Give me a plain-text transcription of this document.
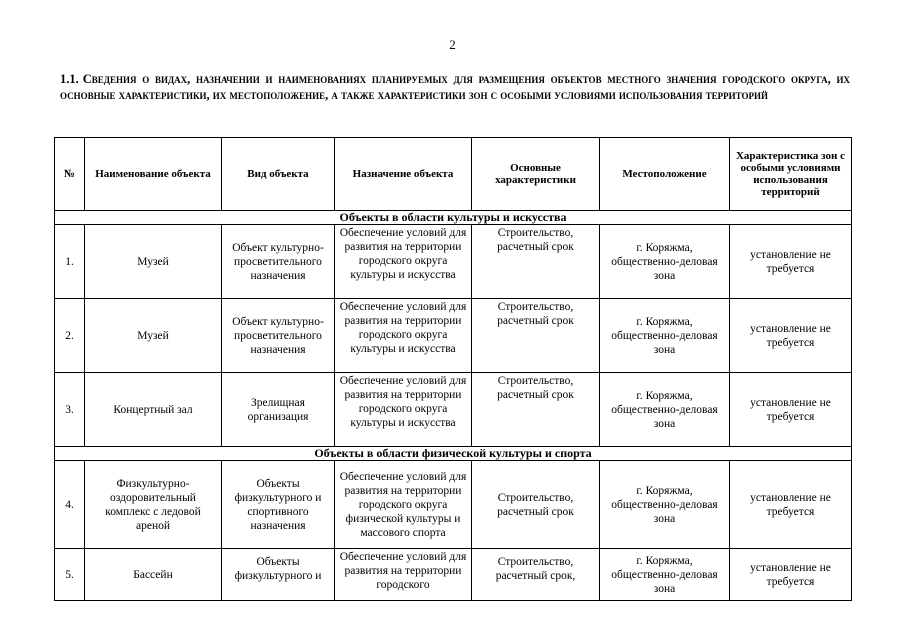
2
1.1. Сведения о видах, назначении и наименованиях планируемых для размещения объектов местного значения городского округа, их основные характеристики, их местоположение, а также характеристики зон с особыми условиями использования территорий
№	Наименование объекта	Вид объекта	Назначение объекта	Основные характеристики	Местоположение	Характеристика зон с особыми условиями использования территорий
Объекты в области культуры и искусства						
1.	Музей	Объект культурно-просветительного назначения	Обеспечение условий для развития на территории городского округа культуры и искусства	Строительство, расчетный срок	г. Коряжма, общественно-деловая зона	установление не требуется
2.	Музей	Объект культурно-просветительного назначения	Обеспечение условий для развития на территории городского округа культуры и искусства	Строительство, расчетный срок	г. Коряжма, общественно-деловая зона	установление не требуется
3.	Концертный зал	Зрелищная организация	Обеспечение условий для развития на территории городского округа культуры и искусства	Строительство, расчетный срок	г. Коряжма, общественно-деловая зона	установление не требуется
Объекты в области физической культуры и спорта						
4.	Физкультурно-оздоровительный комплекс с ледовой ареной	Объекты физкультурного и спортивного назначения	Обеспечение условий для развития на территории городского округа физической культуры и массового спорта	Строительство, расчетный срок	г. Коряжма, общественно-деловая зона	установление не требуется
5.	Бассейн	Объекты физкультурного и	Обеспечение условий для развития на территории городского	Строительство, расчетный срок,	г. Коряжма, общественно-деловая зона	установление не требуется
